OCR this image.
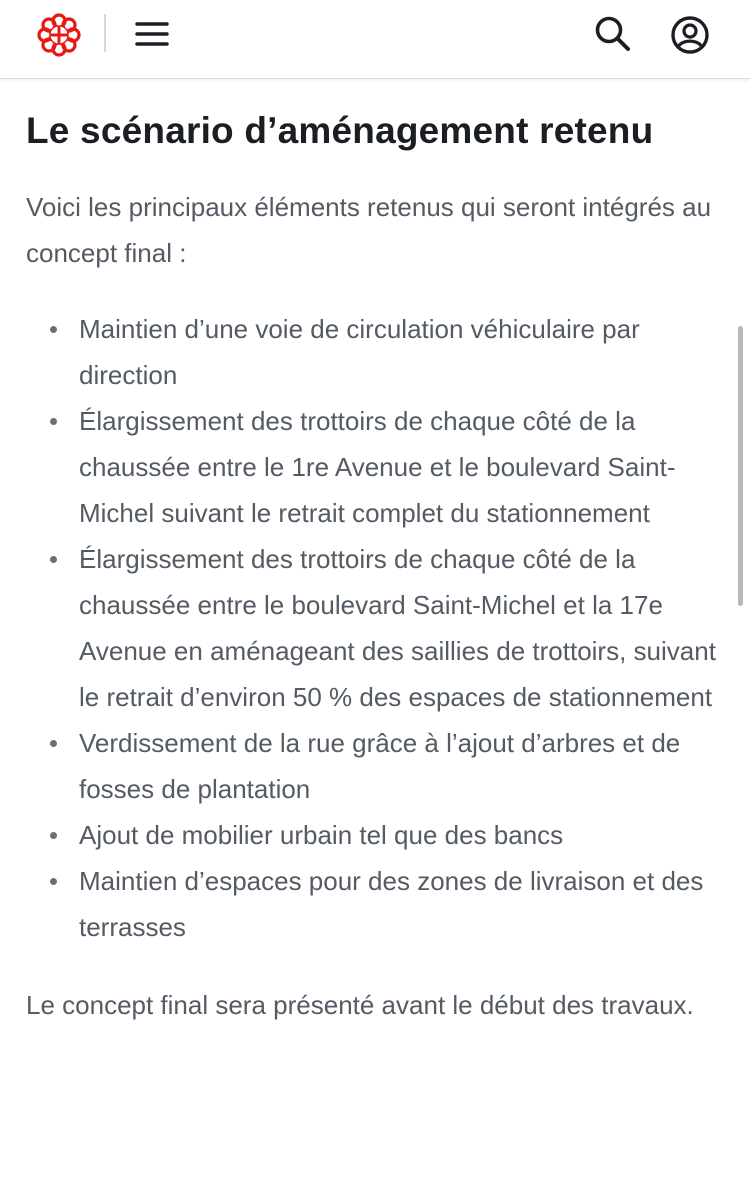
Le scénario d’aménagement retenu

Voici les principaux éléments retenus qui seront intégrés au concept final :

Maintien d’une voie de circulation véhiculaire par direction
Élargissement des trottoirs de chaque côté de la chaussée entre le 1re Avenue et le boulevard Saint-Michel suivant le retrait complet du stationnement
Élargissement des trottoirs de chaque côté de la chaussée entre le boulevard Saint-Michel et la 17e Avenue en aménageant des saillies de trottoirs, suivant le retrait d’environ 50 % des espaces de stationnement
Verdissement de la rue grâce à l’ajout d’arbres et de fosses de plantation
Ajout de mobilier urbain tel que des bancs
Maintien d’espaces pour des zones de livraison et des terrasses

Le concept final sera présenté avant le début des travaux.
